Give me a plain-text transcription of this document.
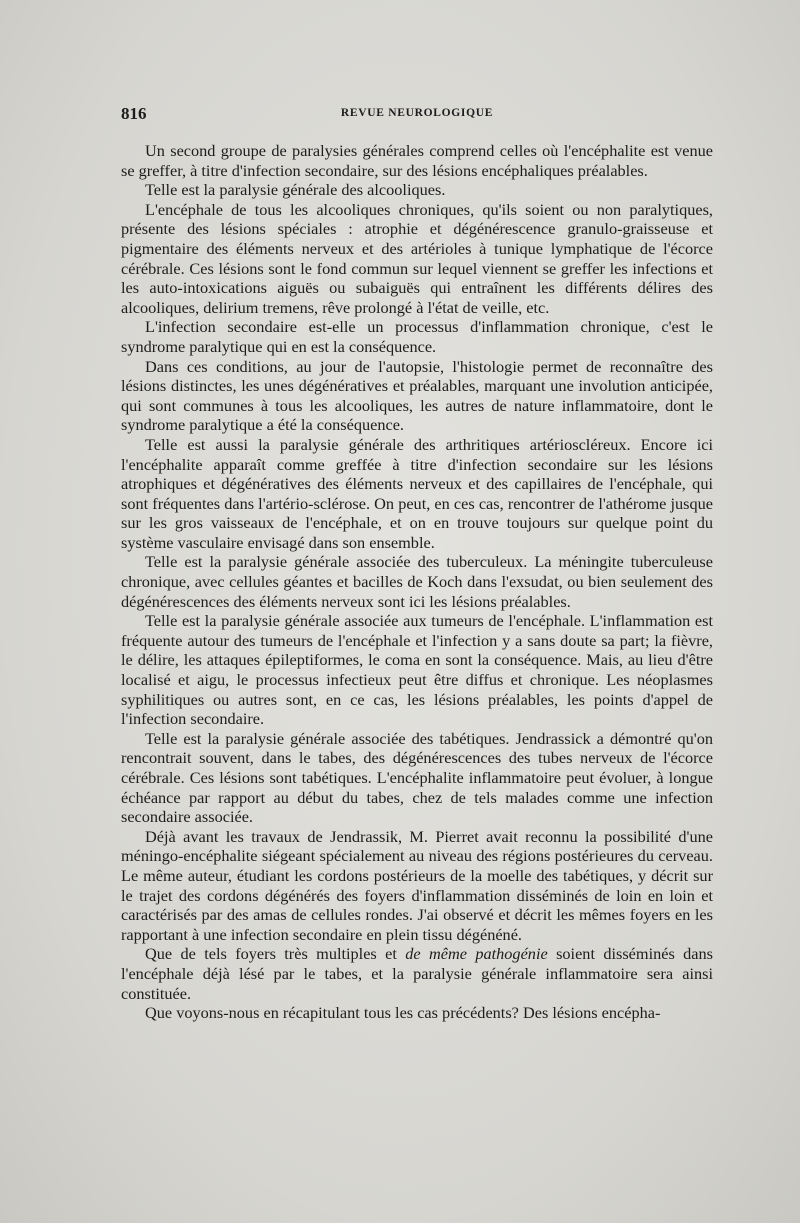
816	REVUE NEUROLOGIQUE

Un second groupe de paralysies générales comprend celles où l'encéphalite est venue se greffer, à titre d'infection secondaire, sur des lésions encéphaliques préalables.

Telle est la paralysie générale des alcooliques.

L'encéphale de tous les alcooliques chroniques, qu'ils soient ou non paralytiques, présente des lésions spéciales : atrophie et dégénérescence granulo-graisseuse et pigmentaire des éléments nerveux et des artérioles à tunique lymphatique de l'écorce cérébrale. Ces lésions sont le fond commun sur lequel viennent se greffer les infections et les auto-intoxications aiguës ou subaiguës qui entraînent les différents délires des alcooliques, delirium tremens, rêve prolongé à l'état de veille, etc.

L'infection secondaire est-elle un processus d'inflammation chronique, c'est le syndrome paralytique qui en est la conséquence.

Dans ces conditions, au jour de l'autopsie, l'histologie permet de reconnaître des lésions distinctes, les unes dégénératives et préalables, marquant une involution anticipée, qui sont communes à tous les alcooliques, les autres de nature inflammatoire, dont le syndrome paralytique a été la conséquence.

Telle est aussi la paralysie générale des arthritiques artérioscléreux. Encore ici l'encéphalite apparaît comme greffée à titre d'infection secondaire sur les lésions atrophiques et dégénératives des éléments nerveux et des capillaires de l'encéphale, qui sont fréquentes dans l'artério-sclérose. On peut, en ces cas, rencontrer de l'athérome jusque sur les gros vaisseaux de l'encéphale, et on en trouve toujours sur quelque point du système vasculaire envisagé dans son ensemble.

Telle est la paralysie générale associée des tuberculeux. La méningite tuberculeuse chronique, avec cellules géantes et bacilles de Koch dans l'exsudat, ou bien seulement des dégénérescences des éléments nerveux sont ici les lésions préalables.

Telle est la paralysie générale associée aux tumeurs de l'encéphale. L'inflammation est fréquente autour des tumeurs de l'encéphale et l'infection y a sans doute sa part; la fièvre, le délire, les attaques épileptiformes, le coma en sont la conséquence. Mais, au lieu d'être localisé et aigu, le processus infectieux peut être diffus et chronique. Les néoplasmes syphilitiques ou autres sont, en ce cas, les lésions préalables, les points d'appel de l'infection secondaire.

Telle est la paralysie générale associée des tabétiques. Jendrassick a démontré qu'on rencontrait souvent, dans le tabes, des dégénérescences des tubes nerveux de l'écorce cérébrale. Ces lésions sont tabétiques. L'encéphalite inflammatoire peut évoluer, à longue échéance par rapport au début du tabes, chez de tels malades comme une infection secondaire associée.

Déjà avant les travaux de Jendrassik, M. Pierret avait reconnu la possibilité d'une méningo-encéphalite siégeant spécialement au niveau des régions postérieures du cerveau. Le même auteur, étudiant les cordons postérieurs de la moelle des tabétiques, y décrit sur le trajet des cordons dégénérés des foyers d'inflammation disséminés de loin en loin et caractérisés par des amas de cellules rondes. J'ai observé et décrit les mêmes foyers en les rapportant à une infection secondaire en plein tissu dégénéné.

Que de tels foyers très multiples et de même pathogénie soient disséminés dans l'encéphale déjà lésé par le tabes, et la paralysie générale inflammatoire sera ainsi constituée.

Que voyons-nous en récapitulant tous les cas précédents? Des lésions encépha-
